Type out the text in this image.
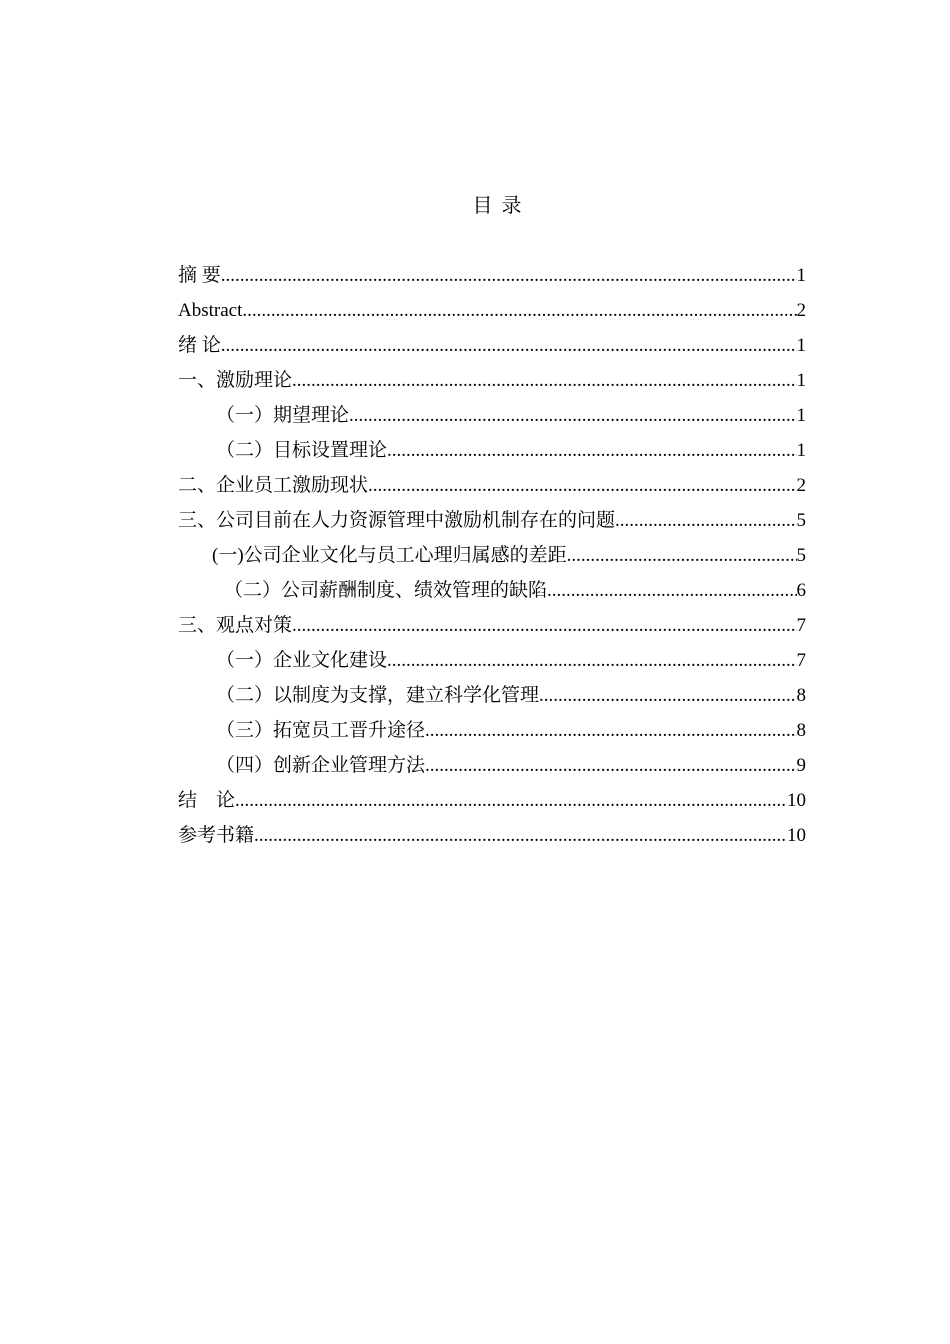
目 录
摘 要 .....	1
Abstract .....	2
绪 论 .....	1
一、激励理论 .....	1
（一）期望理论 .....	1
（二）目标设置理论 .....	1
二、企业员工激励现状 .....	2
三、公司目前在人力资源管理中激励机制存在的问题 .....	5
(一)公司企业文化与员工心理归属感的差距 .....	5
（二）公司薪酬制度、绩效管理的缺陷 .....	6
三、观点对策 .....	7
（一）企业文化建设 .....	7
（二）以制度为支撑，建立科学化管理 .....	8
（三）拓宽员工晋升途径 .....	8
（四）创新企业管理方法 .....	9
结　论 .....	10
参考书籍 .....	10
